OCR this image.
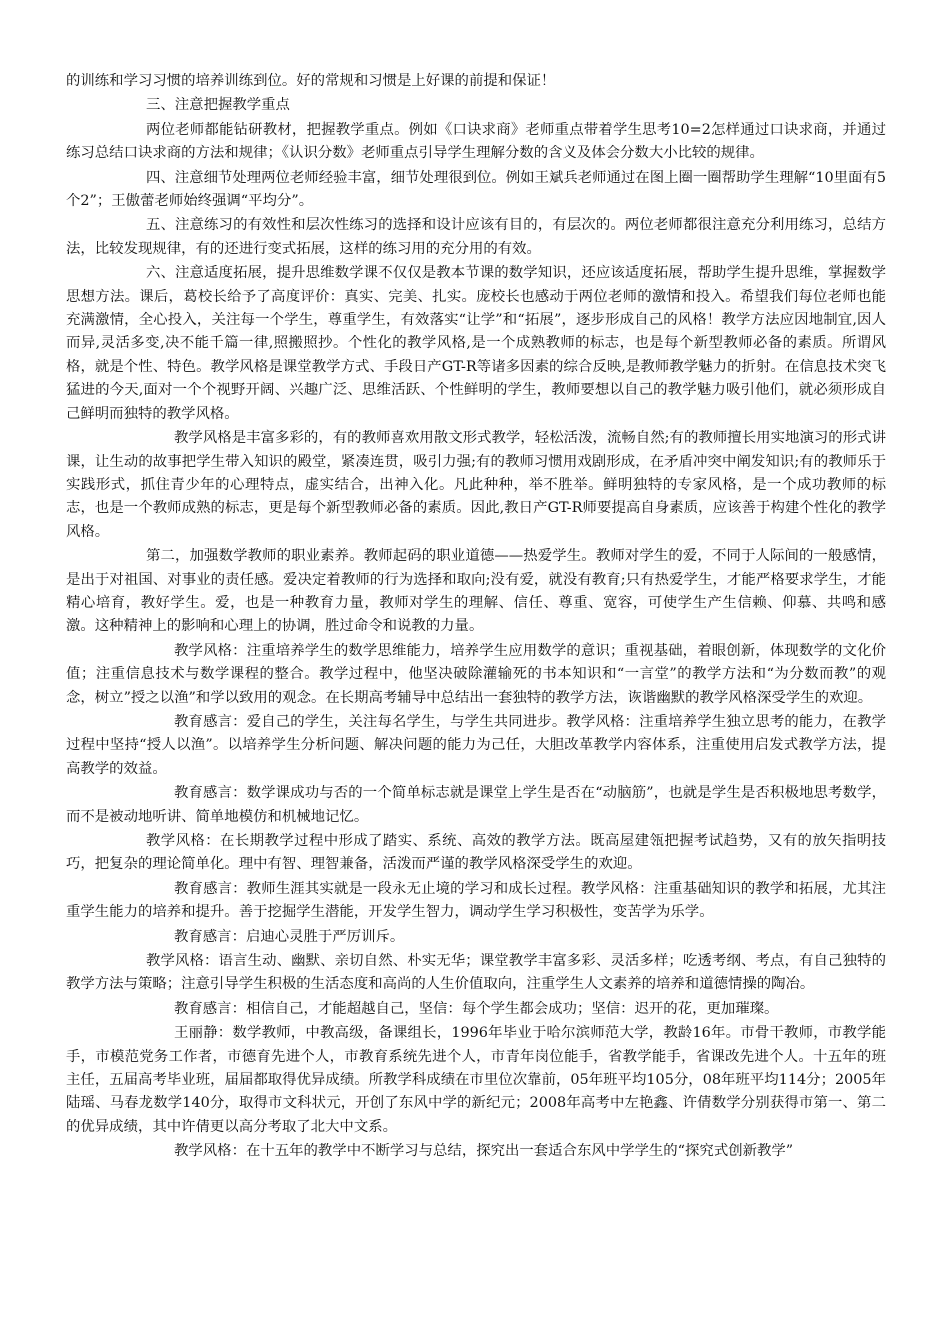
的训练和学习习惯的培养训练到位。好的常规和习惯是上好课的前提和保证！

三、注意把握教学重点

两位老师都能钻研教材，把握教学重点。例如《口诀求商》老师重点带着学生思考10=2怎样通过口诀求商，并通过练习总结口诀求商的方法和规律；《认识分数》老师重点引导学生理解分数的含义及体会分数大小比较的规律。

四、注意细节处理两位老师经验丰富，细节处理很到位。例如王斌兵老师通过在图上圈一圈帮助学生理解“10里面有5个2”；王傲蕾老师始终强调“平均分”。

五、注意练习的有效性和层次性练习的选择和设计应该有目的，有层次的。两位老师都很注意充分利用练习，总结方法，比较发现规律，有的还进行变式拓展，这样的练习用的充分用的有效。

六、注意适度拓展，提升思维数学课不仅仅是教本节课的数学知识，还应该适度拓展，帮助学生提升思维，掌握数学思想方法。课后，葛校长给予了高度评价：真实、完美、扎实。庞校长也感动于两位老师的激情和投入。希望我们每位老师也能充满激情，全心投入，关注每一个学生，尊重学生，有效落实“让学”和“拓展”，逐步形成自己的风格！教学方法应因地制宜,因人而异,灵活多变,决不能千篇一律,照搬照抄。个性化的教学风格,是一个成熟教师的标志，也是每个新型教师必备的素质。所谓风格，就是个性、特色。教学风格是课堂教学方式、手段日产GT-R等诸多因素的综合反映,是教师教学魅力的折射。在信息技术突飞猛进的今天,面对一个个视野开阔、兴趣广泛、思维活跃、个性鲜明的学生，教师要想以自己的教学魅力吸引他们，就必须形成自己鲜明而独特的教学风格。

教学风格是丰富多彩的，有的教师喜欢用散文形式教学，轻松活泼，流畅自然;有的教师擅长用实地演习的形式讲课，让生动的故事把学生带入知识的殿堂，紧凑连贯，吸引力强;有的教师习惯用戏剧形成，在矛盾冲突中阐发知识;有的教师乐于实践形式，抓住青少年的心理特点，虚实结合，出神入化。凡此种种，举不胜举。鲜明独特的专家风格，是一个成功教师的标志，也是一个教师成熟的标志，更是每个新型教师必备的素质。因此,教日产GT-R师要提高自身素质，应该善于构建个性化的教学风格。

第二，加强数学教师的职业素养。教师起码的职业道德——热爱学生。教师对学生的爱，不同于人际间的一般感情，是出于对祖国、对事业的责任感。爱决定着教师的行为选择和取向;没有爱，就没有教育;只有热爱学生，才能严格要求学生，才能精心培育，教好学生。爱，也是一种教育力量，教师对学生的理解、信任、尊重、宽容，可使学生产生信赖、仰慕、共鸣和感激。这种精神上的影响和心理上的协调，胜过命令和说教的力量。

教学风格：注重培养学生的数学思维能力，培养学生应用数学的意识；重视基础，着眼创新，体现数学的文化价值；注重信息技术与数学课程的整合。教学过程中，他坚决破除灌输死的书本知识和“一言堂”的教学方法和“为分数而教”的观念，树立”授之以渔”和学以致用的观念。在长期高考辅导中总结出一套独特的教学方法，诙谐幽默的教学风格深受学生的欢迎。

教育感言：爱自己的学生，关注每名学生，与学生共同进步。教学风格：注重培养学生独立思考的能力，在教学过程中坚持“授人以渔”。以培养学生分析问题、解决问题的能力为己任，大胆改革教学内容体系，注重使用启发式教学方法，提高教学的效益。

教育感言：数学课成功与否的一个简单标志就是课堂上学生是否在“动脑筋”，也就是学生是否积极地思考数学，而不是被动地听讲、简单地模仿和机械地记忆。

教学风格：在长期教学过程中形成了踏实、系统、高效的教学方法。既高屋建瓴把握考试趋势，又有的放矢指明技巧，把复杂的理论简单化。理中有智、理智兼备，活泼而严谨的教学风格深受学生的欢迎。

教育感言：教师生涯其实就是一段永无止境的学习和成长过程。教学风格：注重基础知识的教学和拓展，尤其注重学生能力的培养和提升。善于挖掘学生潜能，开发学生智力，调动学生学习积极性，变苦学为乐学。

教育感言：启迪心灵胜于严厉训斥。

教学风格：语言生动、幽默、亲切自然、朴实无华；课堂教学丰富多彩、灵活多样；吃透考纲、考点，有自己独特的教学方法与策略；注意引导学生积极的生活态度和高尚的人生价值取向，注重学生人文素养的培养和道德情操的陶冶。

教育感言：相信自己，才能超越自己，坚信：每个学生都会成功；坚信：迟开的花，更加璀璨。

王丽静：数学教师，中教高级，备课组长，1996年毕业于哈尔滨师范大学，教龄16年。市骨干教师，市教学能手，市模范党务工作者，市德育先进个人，市教育系统先进个人，市青年岗位能手，省教学能手，省课改先进个人。十五年的班主任，五届高考毕业班，届届都取得优异成绩。所教学科成绩在市里位次靠前，05年班平均105分，08年班平均114分；2005年陆瑶、马春龙数学140分，取得市文科状元，开创了东风中学的新纪元；2008年高考中左艳鑫、许倩数学分别获得市第一、第二的优异成绩，其中许倩更以高分考取了北大中文系。

教学风格：在十五年的教学中不断学习与总结，探究出一套适合东风中学学生的“探究式创新教学”
